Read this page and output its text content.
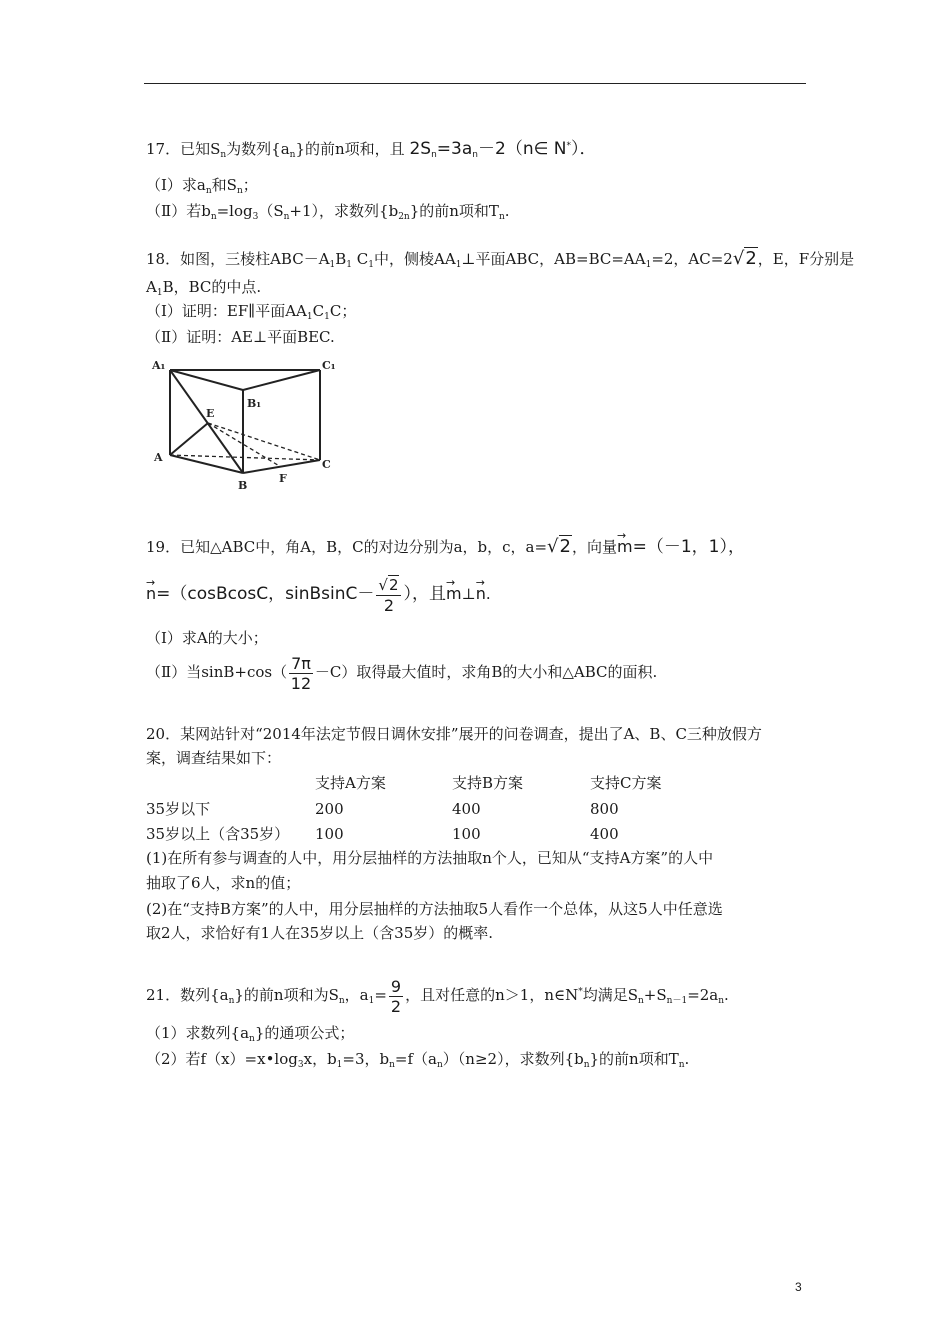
17．已知$S_n$为数列$\{a_n\}$的前n项和，且 $2S_n=3a_n-2(n\in$ N*）．
（Ⅰ）求$a_n$和$S_n$；
（Ⅱ）若$b_n=\log_3(S_n+1)$，求数列$\{b_{2n}\}$的前n项和$T_n$.
18．如图，三棱柱$ABC-A_1B_1$ $C_1$中，侧棱$AA_1\perp$平面ABC，$AB=BC=AA_1=2$，AC=2√2，E，F分别是
$A_1B$，BC的中点.
（Ⅰ）证明：EF∥平面$AA_1C_1C$；
（Ⅱ）证明：AE⊥平面BEC.
A₁	C₁
B₁
E
A
C
B
F
19．已知△ABC中，角A，B，C的对边分别为a，b，c，a=√2，向量→ m=（－1，1），
→ n=（cosBcosC，sinBsinC－ $\frac{√2}{2}$ ），且→ m⊥→ n.
（Ⅰ）求A的大小；
（Ⅱ）当$\sin B+\cos( \frac{7\pi}{12} -C)$取得最大值时，求角B的大小和△ABC的面积.
20．某网站针对“2014年法定节假日调休安排”展开的问卷调查，提出了A、B、C三种放假方
案，调查结果如下：
支持A方案	支持B方案	支持C方案
35岁以下	200	400	800
35岁以上（含35岁） 100	100	400
(1)在所有参与调查的人中，用分层抽样的方法抽取n个人，已知从“支持A方案”的人中
抽取了6人，求n的值；
(2)在“支持B方案”的人中，用分层抽样的方法抽取5人看作一个总体，从这5人中任意选
取2人，求恰好有1人在35岁以上（含35岁）的概率.
21．数列$\{a_n\}$的前n项和为$S_n$，$a_1= \frac{9}{2}$ ，且对任意的n＞1，n∈N*均满足$S_n+S_{n-1}=2a_n$.
（1）求数列$\{a_n\}$的通项公式；
（2）若$f(x)=x•\log_3x$，$b_1=3$，$b_n=f(a_n)(n\ge 2)$，求数列$\{b_n\}$的前n项和$T_n$.
3
